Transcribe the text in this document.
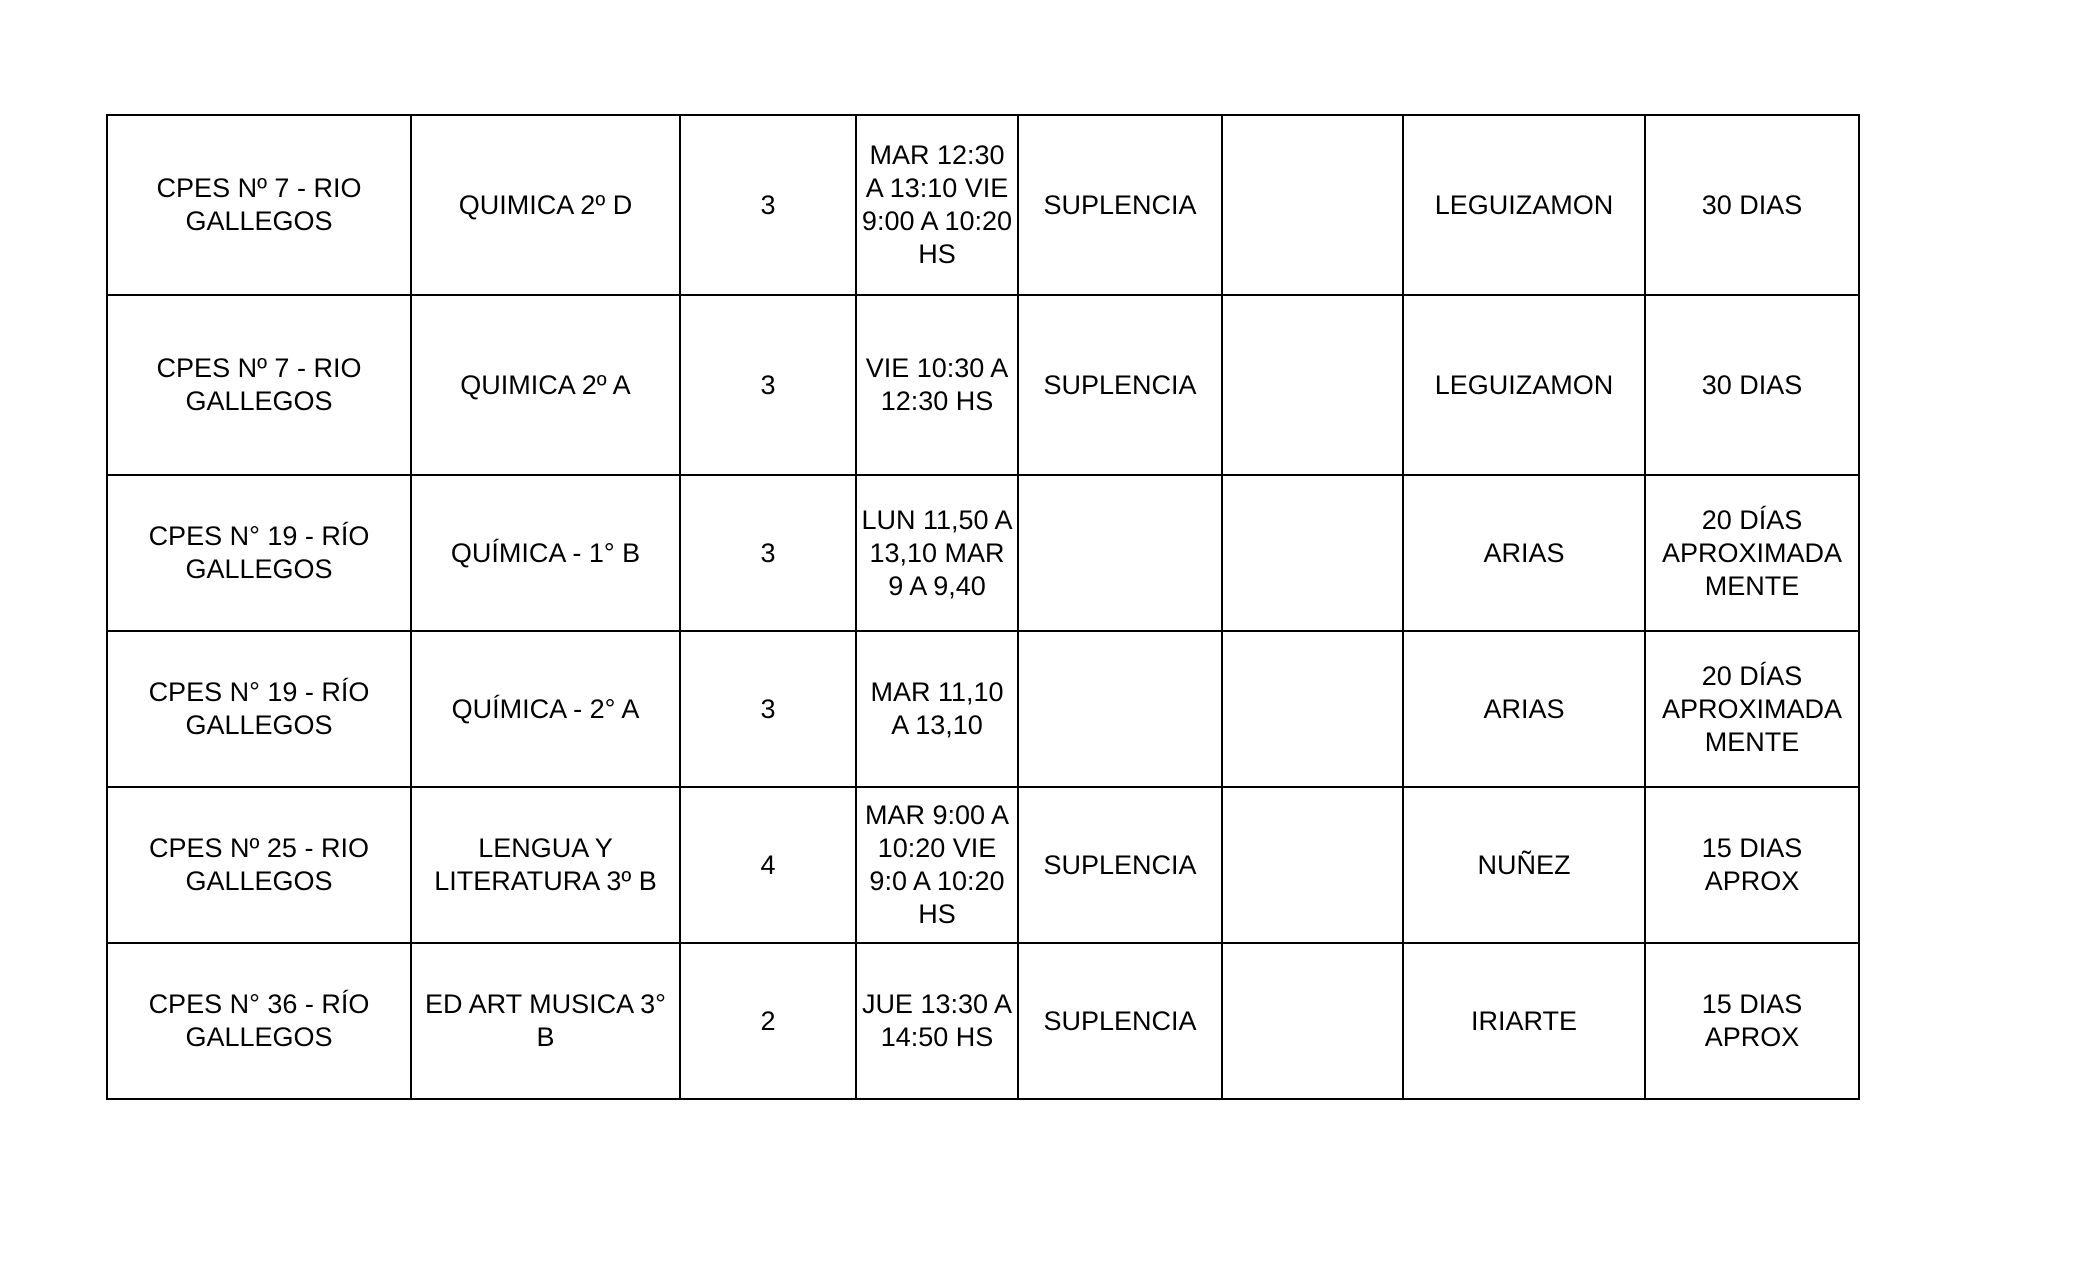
CPES Nº 7 - RIO GALLEGOS	QUIMICA 2º D	3	MAR 12:30 A 13:10 VIE 9:00 A 10:20 HS	SUPLENCIA		LEGUIZAMON	30 DIAS
CPES Nº 7 - RIO GALLEGOS	QUIMICA 2º A	3	VIE 10:30 A 12:30 HS	SUPLENCIA		LEGUIZAMON	30 DIAS
CPES N° 19 - RÍO GALLEGOS	QUÍMICA - 1° B	3	LUN 11,50 A 13,10 MAR 9 A 9,40			ARIAS	20 DÍAS APROXIMADA MENTE
CPES N° 19 - RÍO GALLEGOS	QUÍMICA - 2° A	3	MAR 11,10 A 13,10			ARIAS	20 DÍAS APROXIMADA MENTE
CPES Nº 25 - RIO GALLEGOS	LENGUA Y LITERATURA 3º B	4	MAR 9:00 A 10:20 VIE 9:0 A 10:20 HS	SUPLENCIA		NUÑEZ	15 DIAS APROX
CPES N° 36 - RÍO GALLEGOS	ED ART MUSICA 3° B	2	JUE 13:30 A 14:50 HS	SUPLENCIA		IRIARTE	15 DIAS APROX
